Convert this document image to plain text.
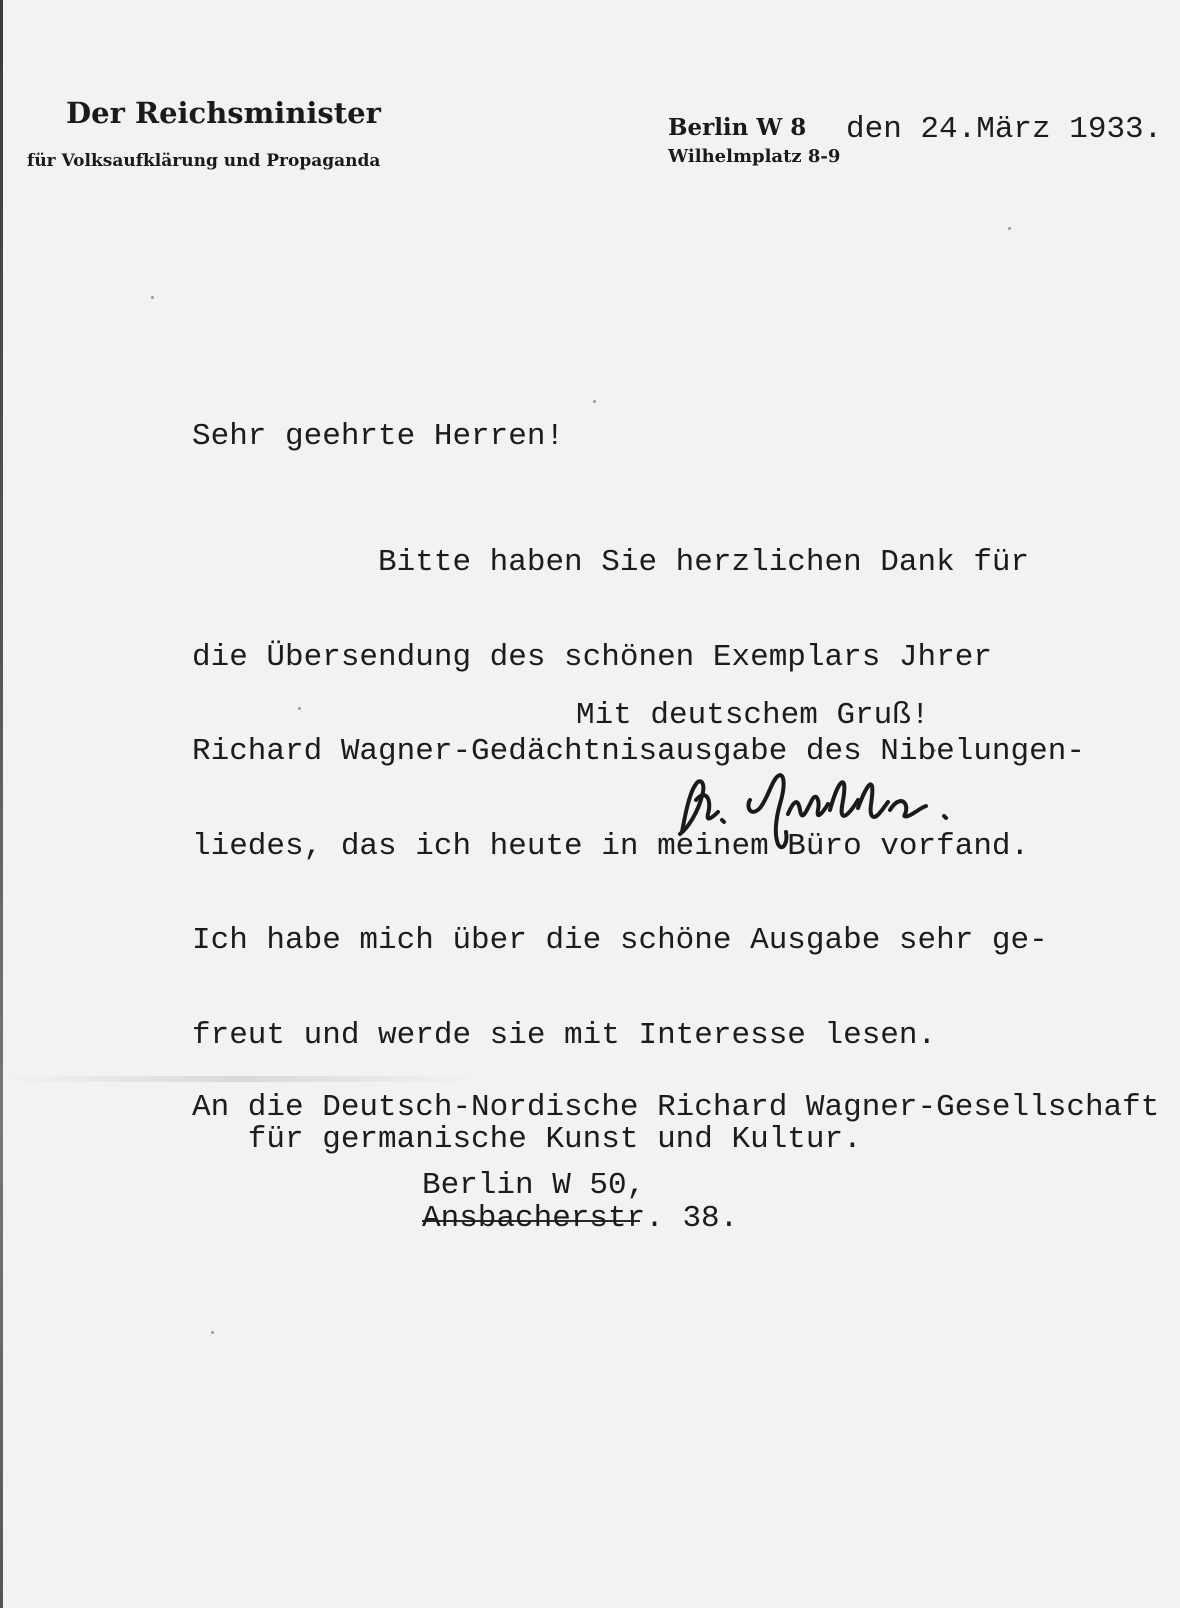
Der Reichsminister
für Volksaufklärung und Propaganda
Berlin W 8 den 24.März 1933.
Wilhelmplatz 8-9

Sehr geehrte Herren!

Bitte haben Sie herzlichen Dank für

die Übersendung des schönen Exemplars Jhrer

Richard Wagner-Gedächtnisausgabe des Nibelungen-

liedes, das ich heute in meinem Büro vorfand.

Ich habe mich über die schöne Ausgabe sehr ge-

freut und werde sie mit Interesse lesen.

Mit deutschem Gruß!

An die Deutsch-Nordische Richard Wagner-Gesellschaft

für germanische Kunst und Kultur.

Berlin W 50,

Ansbacherstr. 38.
